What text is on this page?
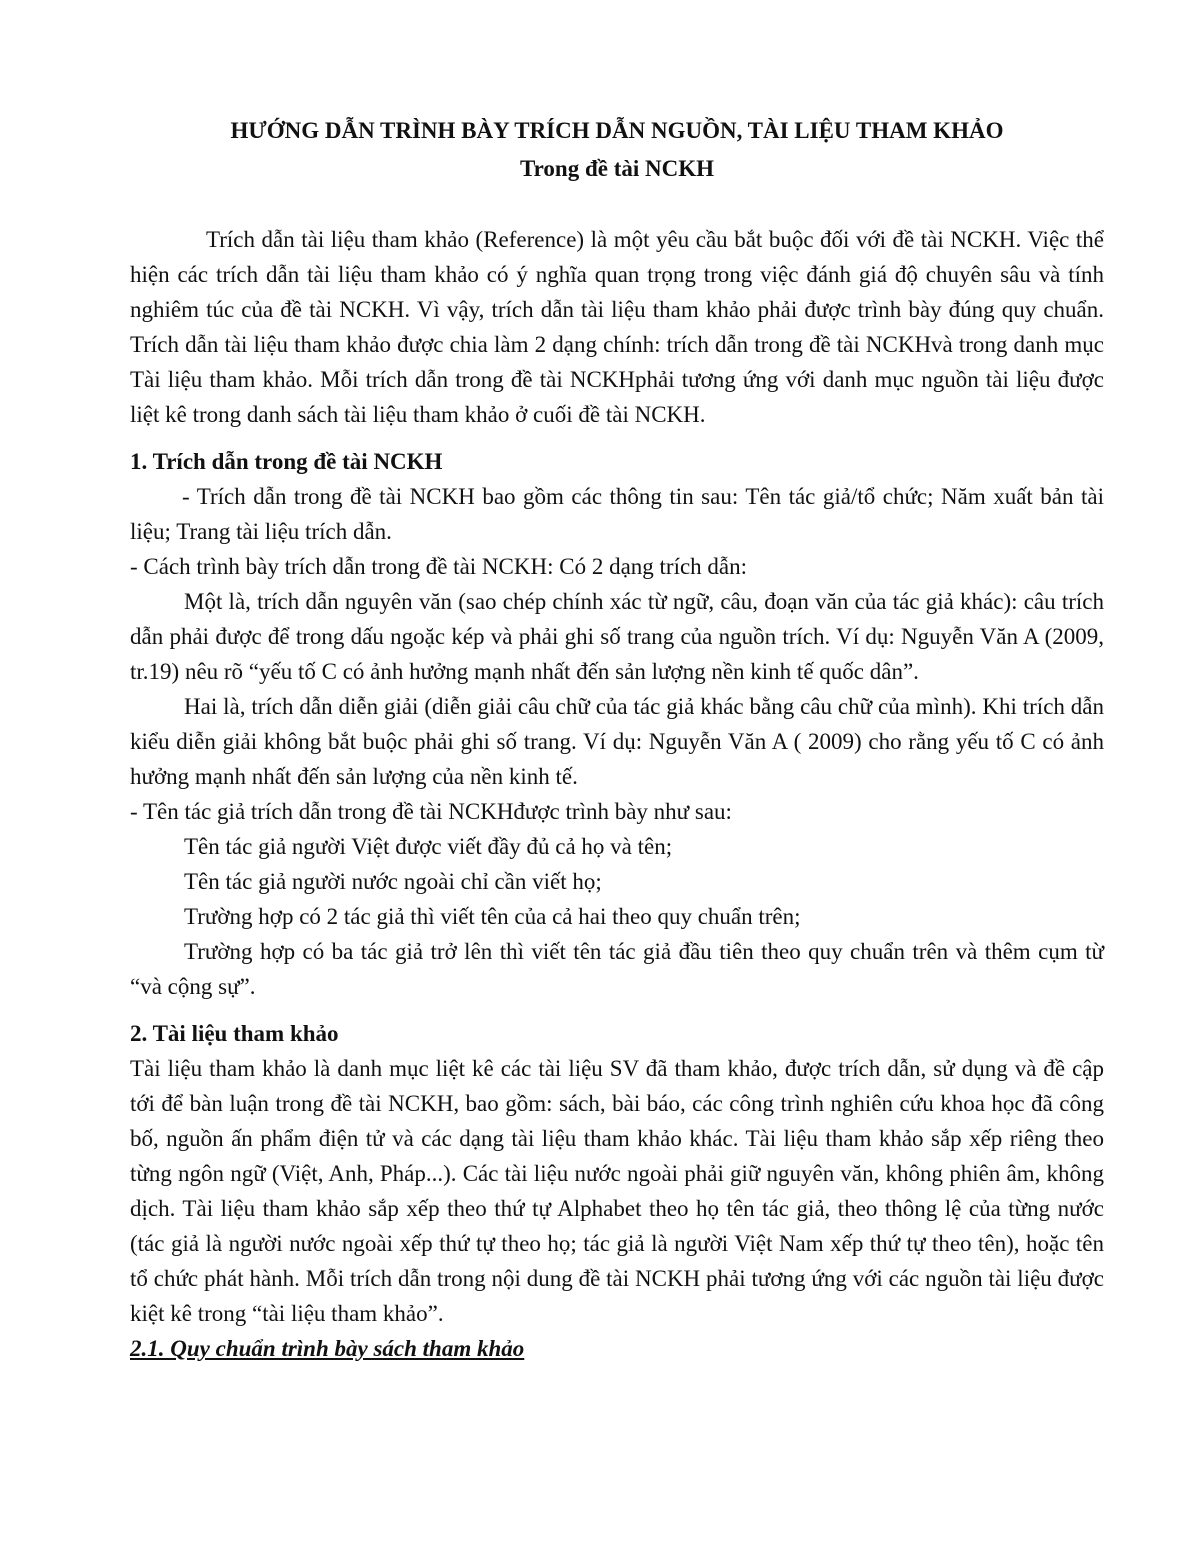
HƯỚNG DẪN TRÌNH BÀY TRÍCH DẪN NGUỒN, TÀI LIỆU THAM KHẢO

Trong đề tài NCKH

Trích dẫn tài liệu tham khảo (Reference) là một yêu cầu bắt buộc đối với đề tài NCKH. Việc thể hiện các trích dẫn tài liệu tham khảo có ý nghĩa quan trọng trong việc đánh giá độ chuyên sâu và tính nghiêm túc của đề tài NCKH. Vì vậy, trích dẫn tài liệu tham khảo phải được trình bày đúng quy chuẩn. Trích dẫn tài liệu tham khảo được chia làm 2 dạng chính: trích dẫn trong đề tài NCKHvà trong danh mục Tài liệu tham khảo. Mỗi trích dẫn trong đề tài NCKHphải tương ứng với danh mục nguồn tài liệu được liệt kê trong danh sách tài liệu tham khảo ở cuối đề tài NCKH.

1. Trích dẫn trong đề tài NCKH

- Trích dẫn trong đề tài NCKH bao gồm các thông tin sau: Tên tác giả/tổ chức; Năm xuất bản tài liệu; Trang tài liệu trích dẫn.

- Cách trình bày trích dẫn trong đề tài NCKH: Có 2 dạng trích dẫn:

Một là, trích dẫn nguyên văn (sao chép chính xác từ ngữ, câu, đoạn văn của tác giả khác): câu trích dẫn phải được để trong dấu ngoặc kép và phải ghi số trang của nguồn trích. Ví dụ: Nguyễn Văn A (2009, tr.19) nêu rõ “yếu tố C có ảnh hưởng mạnh nhất đến sản lượng nền kinh tế quốc dân”.

Hai là, trích dẫn diễn giải (diễn giải câu chữ của tác giả khác bằng câu chữ của mình). Khi trích dẫn kiểu diễn giải không bắt buộc phải ghi số trang. Ví dụ: Nguyễn Văn A ( 2009) cho rằng yếu tố C có ảnh hưởng mạnh nhất đến sản lượng của nền kinh tế.

- Tên tác giả trích dẫn trong đề tài NCKHđược trình bày như sau:

Tên tác giả người Việt được viết đầy đủ cả họ và tên;

Tên tác giả người nước ngoài chỉ cần viết họ;

Trường hợp có 2 tác giả thì viết tên của cả hai theo quy chuẩn trên;

Trường hợp có ba tác giả trở lên thì viết tên tác giả đầu tiên theo quy chuẩn trên và thêm cụm từ “và cộng sự”.

2. Tài liệu tham khảo

Tài liệu tham khảo là danh mục liệt kê các tài liệu SV đã tham khảo, được trích dẫn, sử dụng và đề cập tới để bàn luận trong đề tài NCKH, bao gồm: sách, bài báo, các công trình nghiên cứu khoa học đã công bố, nguồn ấn phẩm điện tử và các dạng tài liệu tham khảo khác. Tài liệu tham khảo sắp xếp riêng theo từng ngôn ngữ (Việt, Anh, Pháp...). Các tài liệu nước ngoài phải giữ nguyên văn, không phiên âm, không dịch. Tài liệu tham khảo sắp xếp theo thứ tự Alphabet theo họ tên tác giả, theo thông lệ của từng nước (tác giả là người nước ngoài xếp thứ tự theo họ; tác giả là người Việt Nam xếp thứ tự theo tên), hoặc tên tổ chức phát hành. Mỗi trích dẫn trong nội dung đề tài NCKH phải tương ứng với các nguồn tài liệu được kiệt kê trong “tài liệu tham khảo”.

2.1. Quy chuẩn trình bày sách tham khảo
